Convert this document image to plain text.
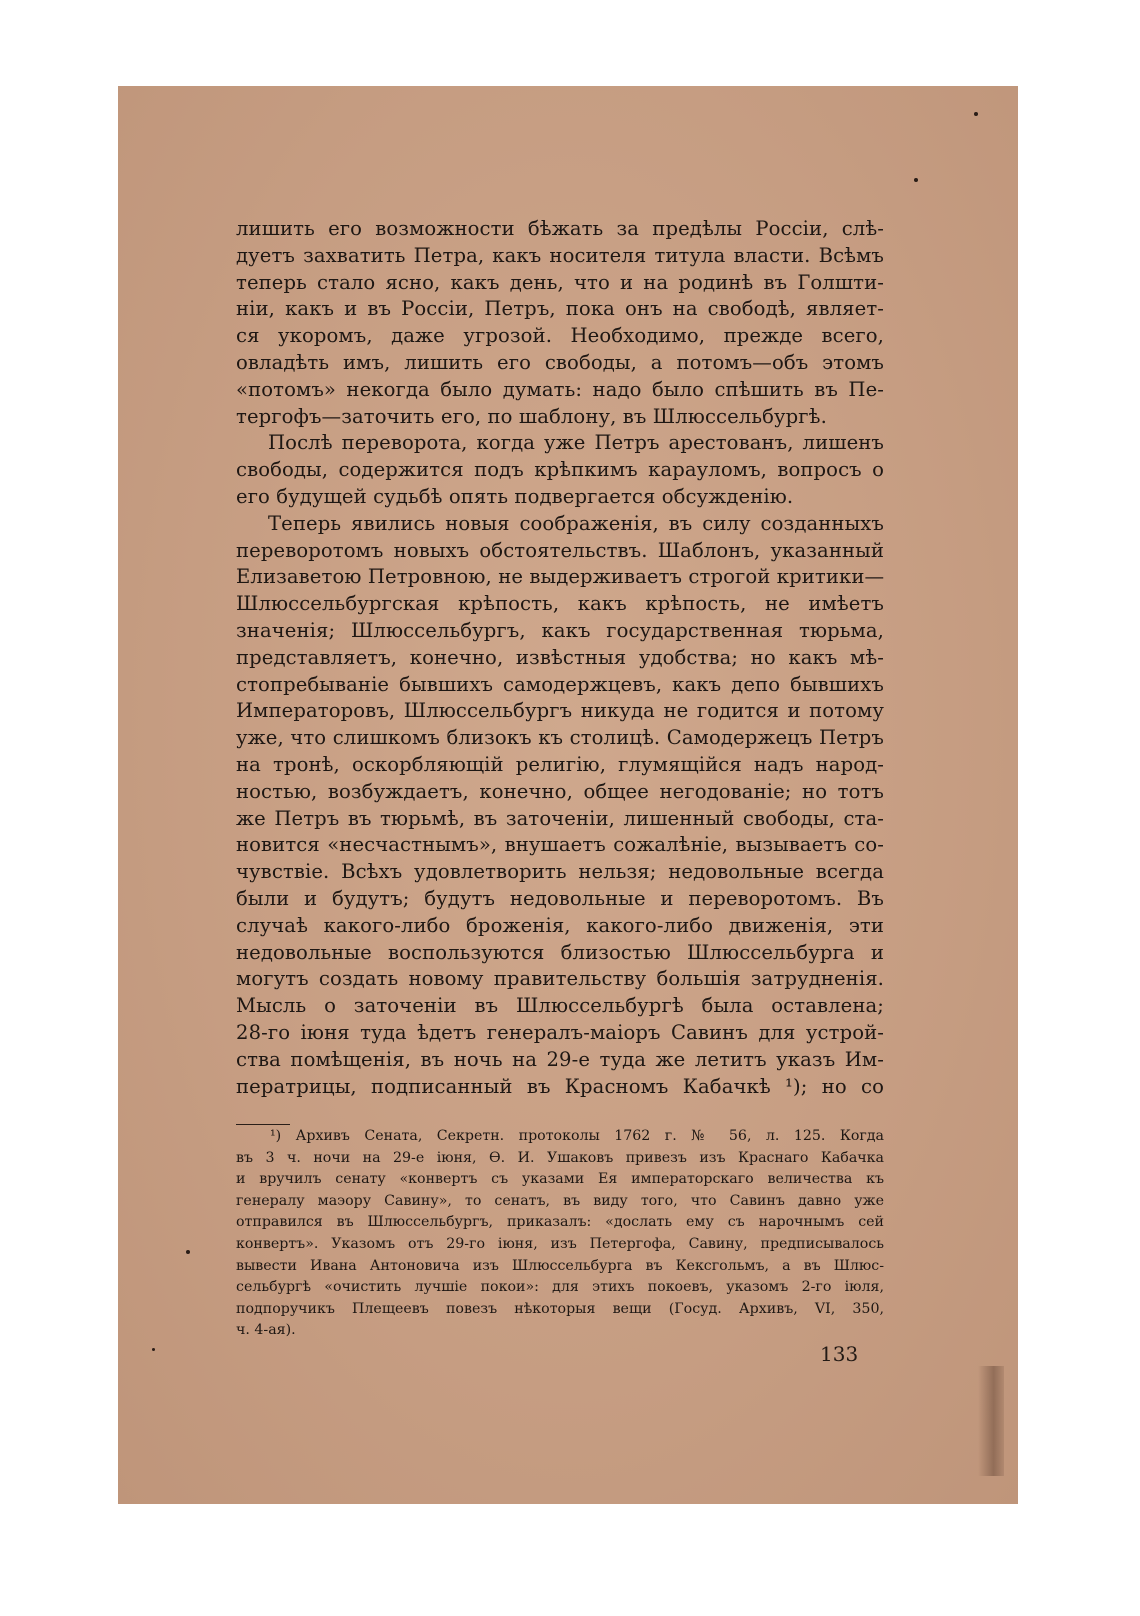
лишить его возможности бѣжать за предѣлы Россіи, слѣ-
дуетъ захватить Петра, какъ носителя титула власти. Всѣмъ
теперь стало ясно, какъ день, что и на родинѣ въ Голшти-
ніи, какъ и въ Россіи, Петръ, пока онъ на свободѣ, являет-
ся укоромъ, даже угрозой. Необходимо, прежде всего,
овладѣть имъ, лишить его свободы, а потомъ—объ этомъ
«потомъ» некогда было думать: надо было спѣшить въ Пе-
тергофъ—заточить его, по шаблону, въ Шлюссельбургѣ.
Послѣ переворота, когда уже Петръ арестованъ, лишенъ
свободы, содержится подъ крѣпкимъ карауломъ, вопросъ о
его будущей судьбѣ опять подвергается обсужденію.
Теперь явились новыя соображенія, въ силу созданныхъ
переворотомъ новыхъ обстоятельствъ. Шаблонъ, указанный
Елизаветою Петровною, не выдерживаетъ строгой критики—
Шлюссельбургская крѣпость, какъ крѣпость, не имѣетъ
значенія; Шлюссельбургъ, какъ государственная тюрьма,
представляетъ, конечно, извѣстныя удобства; но какъ мѣ-
стопребываніе бывшихъ самодержцевъ, какъ депо бывшихъ
Императоровъ, Шлюссельбургъ никуда не годится и потому
уже, что слишкомъ близокъ къ столицѣ. Самодержецъ Петръ
на тронѣ, оскорбляющій религію, глумящійся надъ народ-
ностью, возбуждаетъ, конечно, общее негодованіе; но тотъ
же Петръ въ тюрьмѣ, въ заточеніи, лишенный свободы, ста-
новится «несчастнымъ», внушаетъ сожалѣніе, вызываетъ со-
чувствіе. Всѣхъ удовлетворить нельзя; недовольные всегда
были и будутъ; будутъ недовольные и переворотомъ. Въ
случаѣ какого-либо броженія, какого-либо движенія, эти
недовольные воспользуются близостью Шлюссельбурга и
могутъ создать новому правительству большія затрудненія.
Мысль о заточеніи въ Шлюссельбургѣ была оставлена;
28-го іюня туда ѣдетъ генералъ-маіоръ Савинъ для устрой-
ства помѣщенія, въ ночь на 29-е туда же летитъ указъ Им-
ператрицы, подписанный въ Красномъ Кабачкѣ ¹); но со
¹) Архивъ Сената, Секретн. протоколы 1762 г. № 56, л. 125. Когда
въ 3 ч. ночи на 29-е іюня, Ѳ. И. Ушаковъ привезъ изъ Краснаго Кабачка
и вручилъ сенату «конвертъ съ указами Ея императорскаго величества къ
генералу маэору Савину», то сенатъ, въ виду того, что Савинъ давно уже
отправился въ Шлюссельбургъ, приказалъ: «дослать ему съ нарочнымъ сей
конвертъ». Указомъ отъ 29-го іюня, изъ Петергофа, Савину, предписывалось
вывести Ивана Антоновича изъ Шлюссельбурга въ Кексгольмъ, а въ Шлюс-
сельбургѣ «очистить лучшіе покои»: для этихъ покоевъ, указомъ 2-го іюля,
подпоручикъ Плещеевъ повезъ нѣкоторыя вещи (Госуд. Архивъ, VI, 350,
ч. 4-ая).
133
